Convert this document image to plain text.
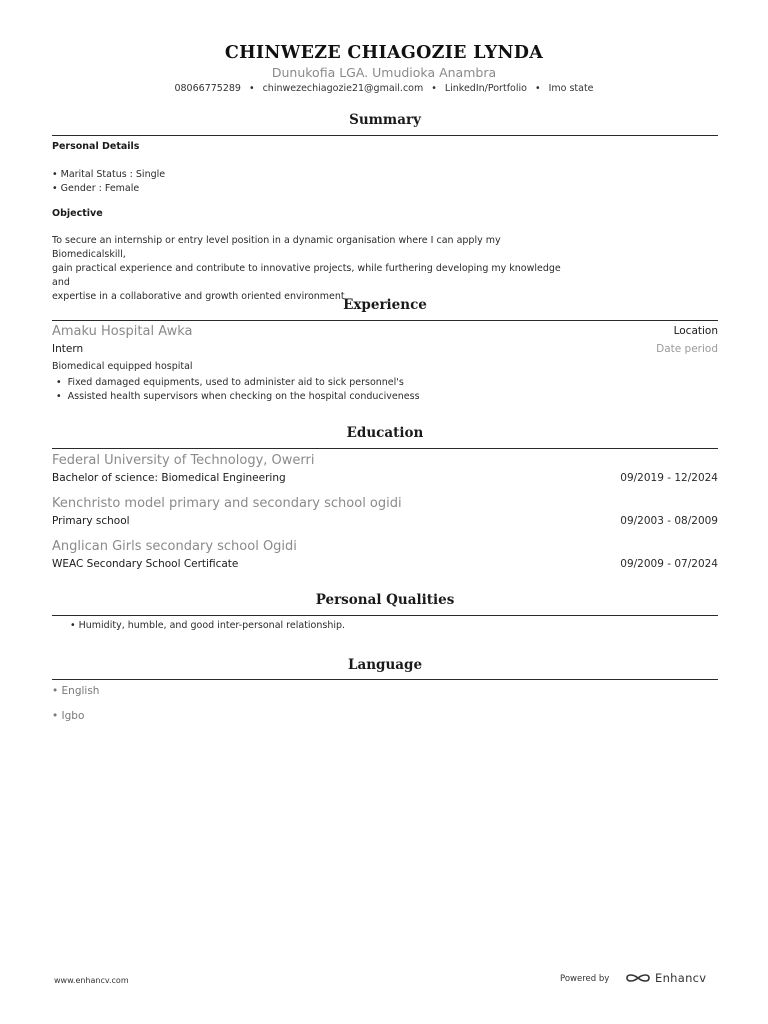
CHINWEZE CHIAGOZIE LYNDA
Dunukofia LGA. Umudioka Anambra
08066775289 • chinwezechiagozie21@gmail.com • LinkedIn/Portfolio • Imo state
Summary
Personal Details
• Marital Status : Single
• Gender : Female
Objective
To secure an internship or entry level position in a dynamic organisation where I can apply my Biomedicalskill,
gain practical experience and contribute to innovative projects, while furthering developing my knowledge and
expertise in a collaborative and growth oriented environment
Experience
Amaku Hospital Awka	Location
Intern	Date period
Biomedical equipped hospital
• Fixed damaged equipments, used to administer aid to sick personnel's
• Assisted health supervisors when checking on the hospital conduciveness
Education
Federal University of Technology, Owerri
Bachelor of science: Biomedical Engineering	09/2019 - 12/2024
Kenchristo model primary and secondary school ogidi
Primary school	09/2003 - 08/2009
Anglican Girls secondary school Ogidi
WEAC Secondary School Certificate	09/2009 - 07/2024
Personal Qualities
• Humidity, humble, and good inter-personal relationship.
Language
• English
• Igbo
www.enhancv.com	Powered by	Enhancv
